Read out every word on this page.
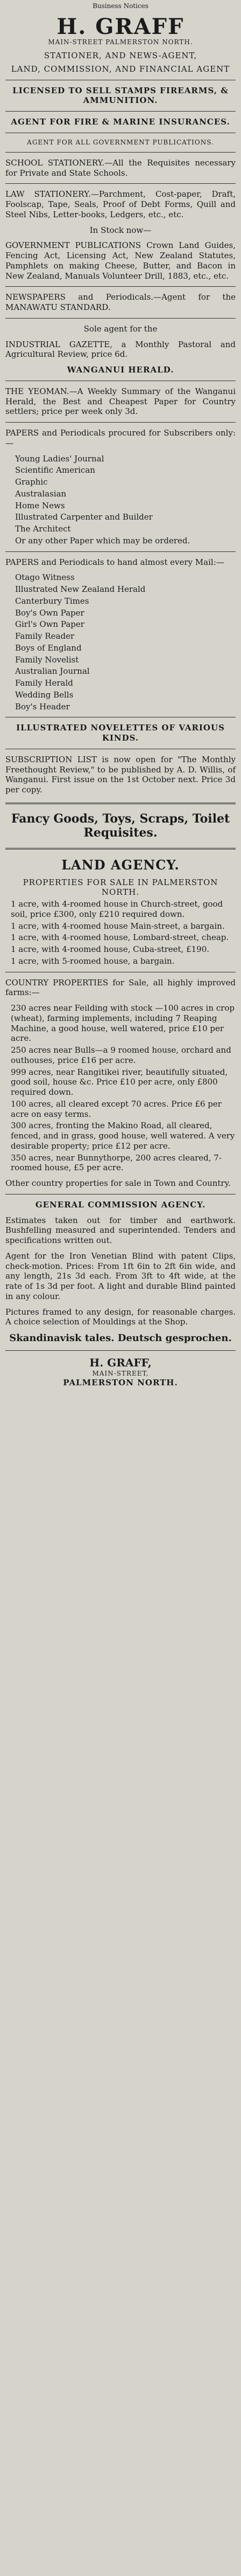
Business Notices
H. GRAFF
MAIN-STREET PALMERSTON NORTH.
STATIONER, AND NEWS-AGENT,
LAND, COMMISSION, AND FINANCIAL AGENT
LICENSED TO SELL STAMPS FIREARMS, & AMMUNITION.
AGENT FOR FIRE & MARINE INSURANCES.
AGENT FOR ALL GOVERNMENT PUBLICATIONS.
SCHOOL STATIONERY.—All the Requisites necessary for Private and State Schools.
LAW STATIONERY.—Parchment, Cost-paper, Draft, Foolscap, Tape, Seals, Proof of Debt Forms, Quill and Steel Nibs, Letter-books, Ledgers, etc., etc.
In Stock now—
GOVERNMENT PUBLICATIONS Crown Land Guides, Fencing Act, Licensing Act, New Zealand Statutes, Pamphlets on making Cheese, Butter, and Bacon in New Zealand, Manuals Volunteer Drill, 1883, etc., etc.
NEWSPAPERS and Periodicals.—Agent for the MANAWATU STANDARD.
Sole agent for the
INDUSTRIAL GAZETTE, a Monthly Pastoral and Agricultural Review, price 6d.
WANGANUI HERALD.
THE YEOMAN.—A Weekly Summary of the Wanganui Herald, the Best and Cheapest Paper for Country settlers; price per week only 3d.
PAPERS and Periodicals procured for Subscribers only:—
Young Ladies' Journal
Scientific American
Graphic
Australasian
Home News
Illustrated Carpenter and Builder
The Architect
Or any other Paper which may be ordered.
PAPERS and Periodicals to hand almost every Mail:—
Otago Witness
Illustrated New Zealand Herald
Canterbury Times
Boy's Own Paper
Girl's Own Paper
Family Reader
Boys of England
Family Novelist
Australian Journal
Family Herald
Wedding Bells
Boy's Header
ILLUSTRATED NOVELETTES OF VARIOUS KINDS.
SUBSCRIPTION LIST is now open for "The Monthly Freethought Review," to be published by A. D. Willis, of Wanganui. First issue on the 1st October next. Price 3d per copy.
Fancy Goods, Toys, Scraps, Toilet Requisites.
LAND AGENCY.
PROPERTIES FOR SALE IN PALMERSTON NORTH.
1 acre, with 4-roomed house in Church-street, good soil, price £300, only £210 required down.
1 acre, with 4-roomed house Main-street, a bargain.
1 acre, with 4-roomed house, Lombard-street, cheap.
1 acre, with 4-roomed house, Cuba-street, £190.
1 acre, with 5-roomed house, a bargain.
COUNTRY PROPERTIES for Sale, all highly improved farms:—
230 acres near Feilding with stock —100 acres in crop (wheat), farming implements, including 7 Reaping Machine, a good house, well watered, price £10 per acre.
250 acres near Bulls—a 9 roomed house, orchard and outhouses, price £16 per acre.
999 acres, near Rangitikei river, beautifully situated, good soil, house &c. Price £10 per acre, only £800 required down.
100 acres, all cleared except 70 acres. Price £6 per acre on easy terms.
300 acres, fronting the Makino Road, all cleared, fenced, and in grass, good house, well watered. A very desirable property; price £12 per acre.
350 acres, near Bunnythorpe, 200 acres cleared, 7-roomed house, £5 per acre.
Other country properties for sale in Town and Country.
GENERAL COMMISSION AGENCY.
Estimates taken out for timber and earthwork. Bushfelling measured and superintended. Tenders and specifications written out.
Agent for the Iron Venetian Blind with patent Clips, check-motion. Prices: From 1ft 6in to 2ft 6in wide, and any length, 21s 3d each. From 3ft to 4ft wide, at the rate of 1s 3d per foot. A light and durable Blind painted in any colour.
Pictures framed to any design, for reasonable charges. A choice selection of Mouldings at the Shop.
Skandinavisk tales. Deutsch gesprochen.
H. GRAFF,
MAIN-STREET,
PALMERSTON NORTH.
